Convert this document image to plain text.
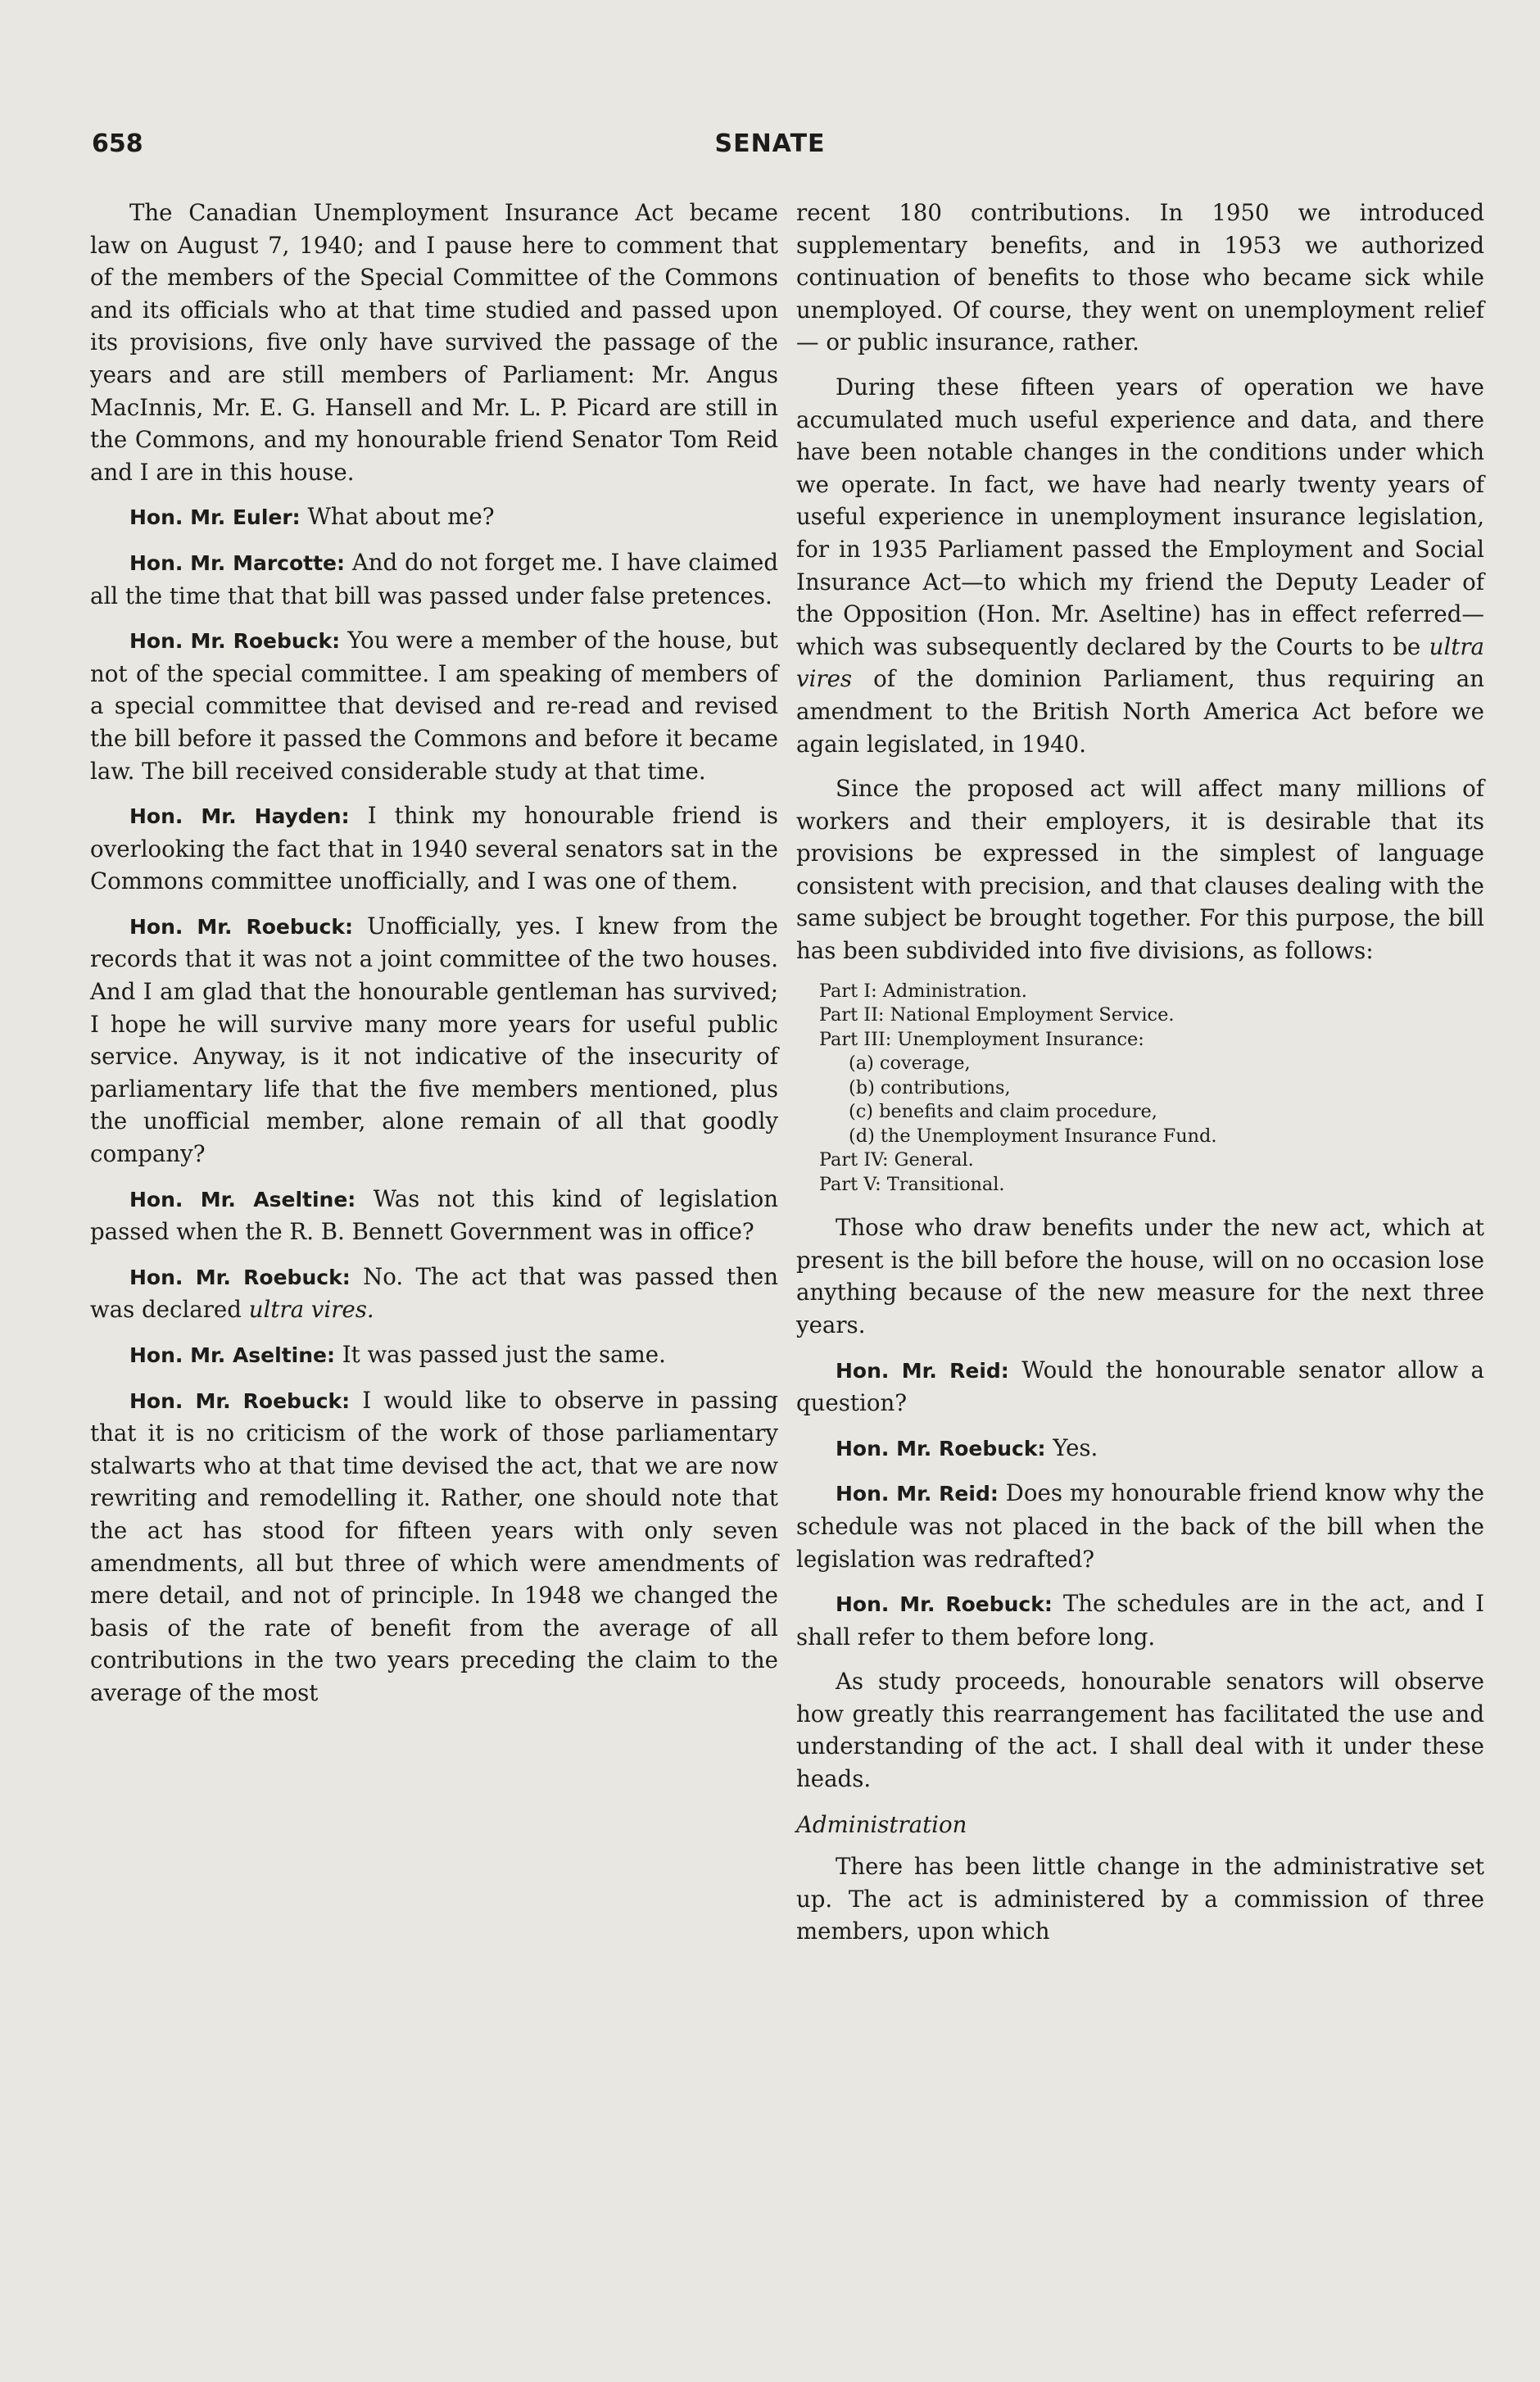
658	SENATE

The Canadian Unemployment Insurance Act became law on August 7, 1940; and I pause here to comment that of the members of the Special Committee of the Commons and its officials who at that time studied and passed upon its provisions, five only have survived the passage of the years and are still members of Parliament: Mr. Angus MacInnis, Mr. E. G. Hansell and Mr. L. P. Picard are still in the Commons, and my honourable friend Senator Tom Reid and I are in this house.

Hon. Mr. Euler: What about me?

Hon. Mr. Marcotte: And do not forget me. I have claimed all the time that that bill was passed under false pretences.

Hon. Mr. Roebuck: You were a member of the house, but not of the special committee. I am speaking of members of a special committee that devised and re-read and revised the bill before it passed the Commons and before it became law. The bill received considerable study at that time.

Hon. Mr. Hayden: I think my honourable friend is overlooking the fact that in 1940 several senators sat in the Commons committee unofficially, and I was one of them.

Hon. Mr. Roebuck: Unofficially, yes. I knew from the records that it was not a joint committee of the two houses. And I am glad that the honourable gentleman has survived; I hope he will survive many more years for useful public service. Anyway, is it not indicative of the insecurity of parliamentary life that the five members mentioned, plus the unofficial member, alone remain of all that goodly company?

Hon. Mr. Aseltine: Was not this kind of legislation passed when the R. B. Bennett Government was in office?

Hon. Mr. Roebuck: No. The act that was passed then was declared ultra vires.

Hon. Mr. Aseltine: It was passed just the same.

Hon. Mr. Roebuck: I would like to observe in passing that it is no criticism of the work of those parliamentary stalwarts who at that time devised the act, that we are now rewriting and remodelling it. Rather, one should note that the act has stood for fifteen years with only seven amendments, all but three of which were amendments of mere detail, and not of principle. In 1948 we changed the basis of the rate of benefit from the average of all contributions in the two years preceding the claim to the average of the most

recent 180 contributions. In 1950 we introduced supplementary benefits, and in 1953 we authorized continuation of benefits to those who became sick while unemployed. Of course, they went on unemployment relief— or public insurance, rather.

During these fifteen years of operation we have accumulated much useful experience and data, and there have been notable changes in the conditions under which we operate. In fact, we have had nearly twenty years of useful experience in unemployment insurance legislation, for in 1935 Parliament passed the Employment and Social Insurance Act—to which my friend the Deputy Leader of the Opposition (Hon. Mr. Aseltine) has in effect referred—which was subsequently declared by the Courts to be ultra vires of the dominion Parliament, thus requiring an amendment to the British North America Act before we again legislated, in 1940.

Since the proposed act will affect many millions of workers and their employers, it is desirable that its provisions be expressed in the simplest of language consistent with precision, and that clauses dealing with the same subject be brought together. For this purpose, the bill has been subdivided into five divisions, as follows:

Part I: Administration.
Part II: National Employment Service.
Part III: Unemployment Insurance:
(a) coverage,
(b) contributions,
(c) benefits and claim procedure,
(d) the Unemployment Insurance Fund.
Part IV: General.
Part V: Transitional.

Those who draw benefits under the new act, which at present is the bill before the house, will on no occasion lose anything because of the new measure for the next three years.

Hon. Mr. Reid: Would the honourable senator allow a question?

Hon. Mr. Roebuck: Yes.

Hon. Mr. Reid: Does my honourable friend know why the schedule was not placed in the back of the bill when the legislation was redrafted?

Hon. Mr. Roebuck: The schedules are in the act, and I shall refer to them before long.

As study proceeds, honourable senators will observe how greatly this rearrangement has facilitated the use and understanding of the act. I shall deal with it under these heads.

Administration

There has been little change in the administrative set up. The act is administered by a commission of three members, upon which
